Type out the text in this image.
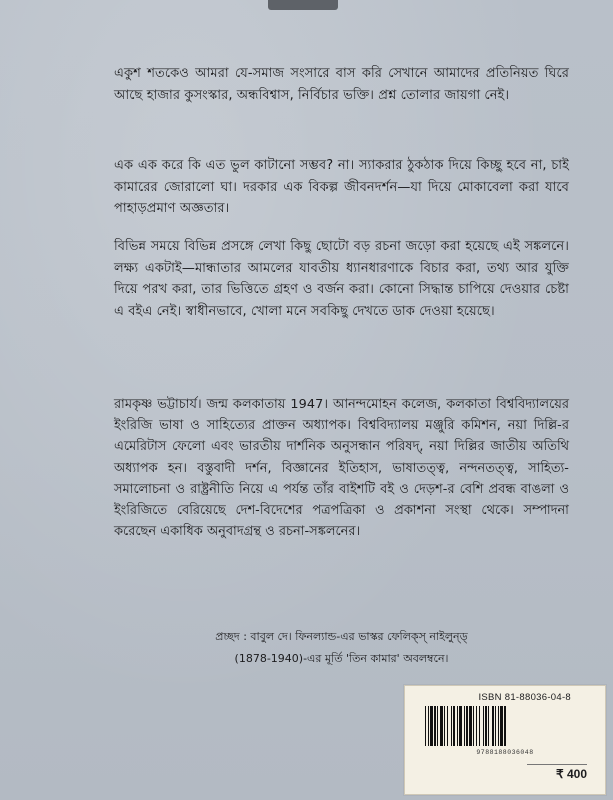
একুশ শতকেও আমরা যে-সমাজ সংসারে বাস করি সেখানে আমাদের প্রতিনিয়ত ঘিরে আছে হাজার কুসংস্কার, অন্ধবিশ্বাস, নির্বিচার ভক্তি। প্রশ্ন তোলার জায়গা নেই।

এক এক করে কি এত ভুল কাটানো সম্ভব? না। স্যাকরার ঠুকঠাক দিয়ে কিচ্ছু হবে না, চাই কামারের জোরালো ঘা। দরকার এক বিকল্প জীবনদর্শন—যা দিয়ে মোকাবেলা করা যাবে পাহাড়প্রমাণ অজ্ঞতার।

বিভিন্ন সময়ে বিভিন্ন প্রসঙ্গে লেখা কিছু ছোটো বড় রচনা জড়ো করা হয়েছে এই সঙ্কলনে। লক্ষ্য একটাই—মান্ধাতার আমলের যাবতীয় ধ্যানধারণাকে বিচার করা, তথ্য আর যুক্তি দিয়ে পরখ করা, তার ভিত্তিতে গ্রহণ ও বর্জন করা। কোনো সিদ্ধান্ত চাপিয়ে দেওয়ার চেষ্টা এ বইএ নেই। স্বাধীনভাবে, খোলা মনে সবকিছু দেখতে ডাক দেওয়া হয়েছে।

রামকৃষ্ণ ভট্টাচার্য। জন্ম কলকাতায় 1947। আনন্দমোহন কলেজ, কলকাতা বিশ্ববিদ্যালয়ের ইংরিজি ভাষা ও সাহিত্যের প্রাক্তন অধ্যাপক। বিশ্ববিদ্যালয় মঞ্জুরি কমিশন, নয়া দিল্লি-র এমেরিটাস ফেলো এবং ভারতীয় দার্শনিক অনুসন্ধান পরিষদ্, নয়া দিল্লির জাতীয় অতিথি অধ্যাপক হন। বস্তুবাদী দর্শন, বিজ্ঞানের ইতিহাস, ভাষাতত্ত্ব, নন্দনতত্ত্ব, সাহিত্য-সমালোচনা ও রাষ্ট্রনীতি নিয়ে এ পর্যন্ত তাঁর বাইশটি বই ও দেড়শ-র বেশি প্রবন্ধ বাঙলা ও ইংরিজিতে বেরিয়েছে দেশ-বিদেশের পত্রপত্রিকা ও প্রকাশনা সংস্থা থেকে। সম্পাদনা করেছেন একাধিক অনুবাদগ্রন্থ ও রচনা-সঙ্কলনের।

প্রচ্ছদ : বাবুল দে। ফিনল্যান্ড-এর ভাস্কর ফেলিক্স্ নাইলুন্ড্
(1878-1940)-এর মূর্তি 'তিন কামার' অবলম্বনে।
ISBN 81-88036-04-8
9788188036048
₹ 400
